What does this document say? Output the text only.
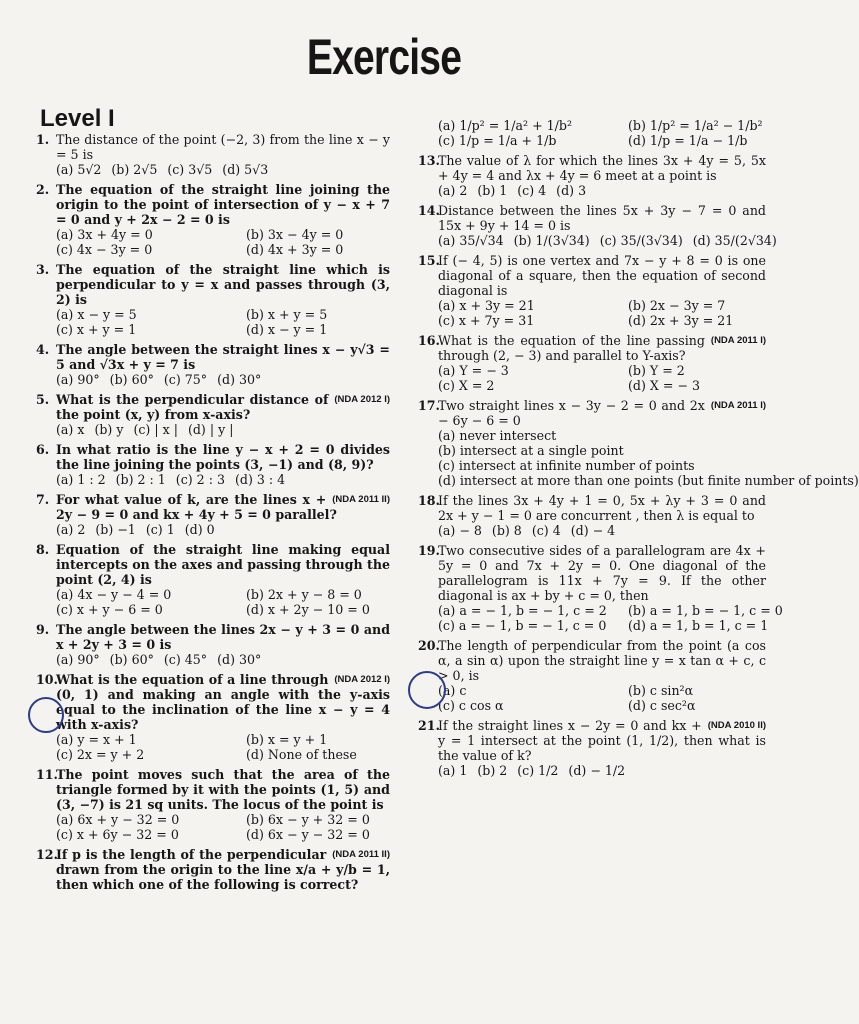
Exercise
Level I
1. The distance of the point (−2, 3) from the line x − y = 5 is
(a) 5√2 (b) 2√5 (c) 3√5 (d) 5√3
2. The equation of the straight line joining the origin to the point of intersection of y − x + 7 = 0 and y + 2x − 2 = 0 is
(a) 3x + 4y = 0	(b) 3x − 4y = 0
(c) 4x − 3y = 0	(d) 4x + 3y = 0
3. The equation of the straight line which is perpendicular to y = x and passes through (3, 2) is
(a) x − y = 5	(b) x + y = 5
(c) x + y = 1	(d) x − y = 1
4. The angle between the straight lines x − y√3 = 5 and √3x + y = 7 is
(a) 90° (b) 60° (c) 75° (d) 30°
5.	(NDA 2012 I)
What is the perpendicular distance of the point (x, y) from x-axis?
(a) x (b) y (c) | x | (d) | y |
6. In what ratio is the line y − x + 2 = 0 divides the line joining the points (3, −1) and (8, 9)?
(a) 1 : 2 (b) 2 : 1 (c) 2 : 3 (d) 3 : 4
7.	(NDA 2011 II)
For what value of k, are the lines x + 2y − 9 = 0 and kx + 4y + 5 = 0 parallel?
(a) 2 (b) −1 (c) 1 (d) 0
8. Equation of the straight line making equal intercepts on the axes and passing through the point (2, 4) is
(a) 4x − y − 4 = 0	(b) 2x + y − 8 = 0
(c) x + y − 6 = 0	(d) x + 2y − 10 = 0
9. The angle between the lines 2x − y + 3 = 0 and x + 2y + 3 = 0 is
(a) 90° (b) 60° (c) 45° (d) 30°
10.	(NDA 2012 I)
What is the equation of a line through (0, 1) and making an angle with the y-axis equal to the inclination of the line x − y = 4 with x-axis?
(a) y = x + 1	(b) x = y + 1
(c) 2x = y + 2	(d) None of these
11.
The point moves such that the area of the triangle formed by it with the points (1, 5) and (3, −7) is 21 sq units. The locus of the point is
(a) 6x + y − 32 = 0	(b) 6x − y + 32 = 0
(c) x + 6y − 32 = 0	(d) 6x − y − 32 = 0
12.	(NDA 2011 II)
If p is the length of the perpendicular drawn from the origin to the line x/a + y/b = 1, then which one of the following is correct?
(a) 1/p² = 1/a² + 1/b²	(b) 1/p² = 1/a² − 1/b²
(c) 1/p = 1/a + 1/b	(d) 1/p = 1/a − 1/b
13.
The value of λ for which the lines 3x + 4y = 5, 5x + 4y = 4 and λx + 4y = 6 meet at a point is
(a) 2 (b) 1 (c) 4 (d) 3
14.
Distance between the lines 5x + 3y − 7 = 0 and 15x + 9y + 14 = 0 is
(a) 35/√34 (b) 1/(3√34) (c) 35/(3√34) (d) 35/(2√34)
15.
If (− 4, 5) is one vertex and 7x − y + 8 = 0 is one diagonal of a square, then the equation of second diagonal is
(a) x + 3y = 21	(b) 2x − 3y = 7
(c) x + 7y = 31	(d) 2x + 3y = 21
16.	(NDA 2011 I)
What is the equation of the line passing through (2, − 3) and parallel to Y-axis?
(a) Y = − 3	(b) Y = 2
(c) X = 2	(d) X = − 3
17.	(NDA 2011 I)
Two straight lines x − 3y − 2 = 0 and 2x − 6y − 6 = 0
(a) never intersect
(b) intersect at a single point
(c) intersect at infinite number of points
(d) intersect at more than one points (but finite number of points)
18.
If the lines 3x + 4y + 1 = 0, 5x + λy + 3 = 0 and 2x + y − 1 = 0 are concurrent , then λ is equal to
(a) − 8 (b) 8 (c) 4 (d) − 4
19.
Two consecutive sides of a parallelogram are 4x + 5y = 0 and 7x + 2y = 0. One diagonal of the parallelogram is 11x + 7y = 9. If the other diagonal is ax + by + c = 0, then
(a) a = − 1, b = − 1, c = 2	(b) a = 1, b = − 1, c = 0
(c) a = − 1, b = − 1, c = 0	(d) a = 1, b = 1, c = 1
20.
The length of perpendicular from the point (a cos α, a sin α) upon the straight line y = x tan α + c, c > 0, is
(a) c	(b) c sin²α
(c) c cos α	(d) c sec²α
21.	(NDA 2010 II)
If the straight lines x − 2y = 0 and kx + y = 1 intersect at the point (1, 1/2), then what is the value of k?
(a) 1 (b) 2 (c) 1/2 (d) − 1/2
